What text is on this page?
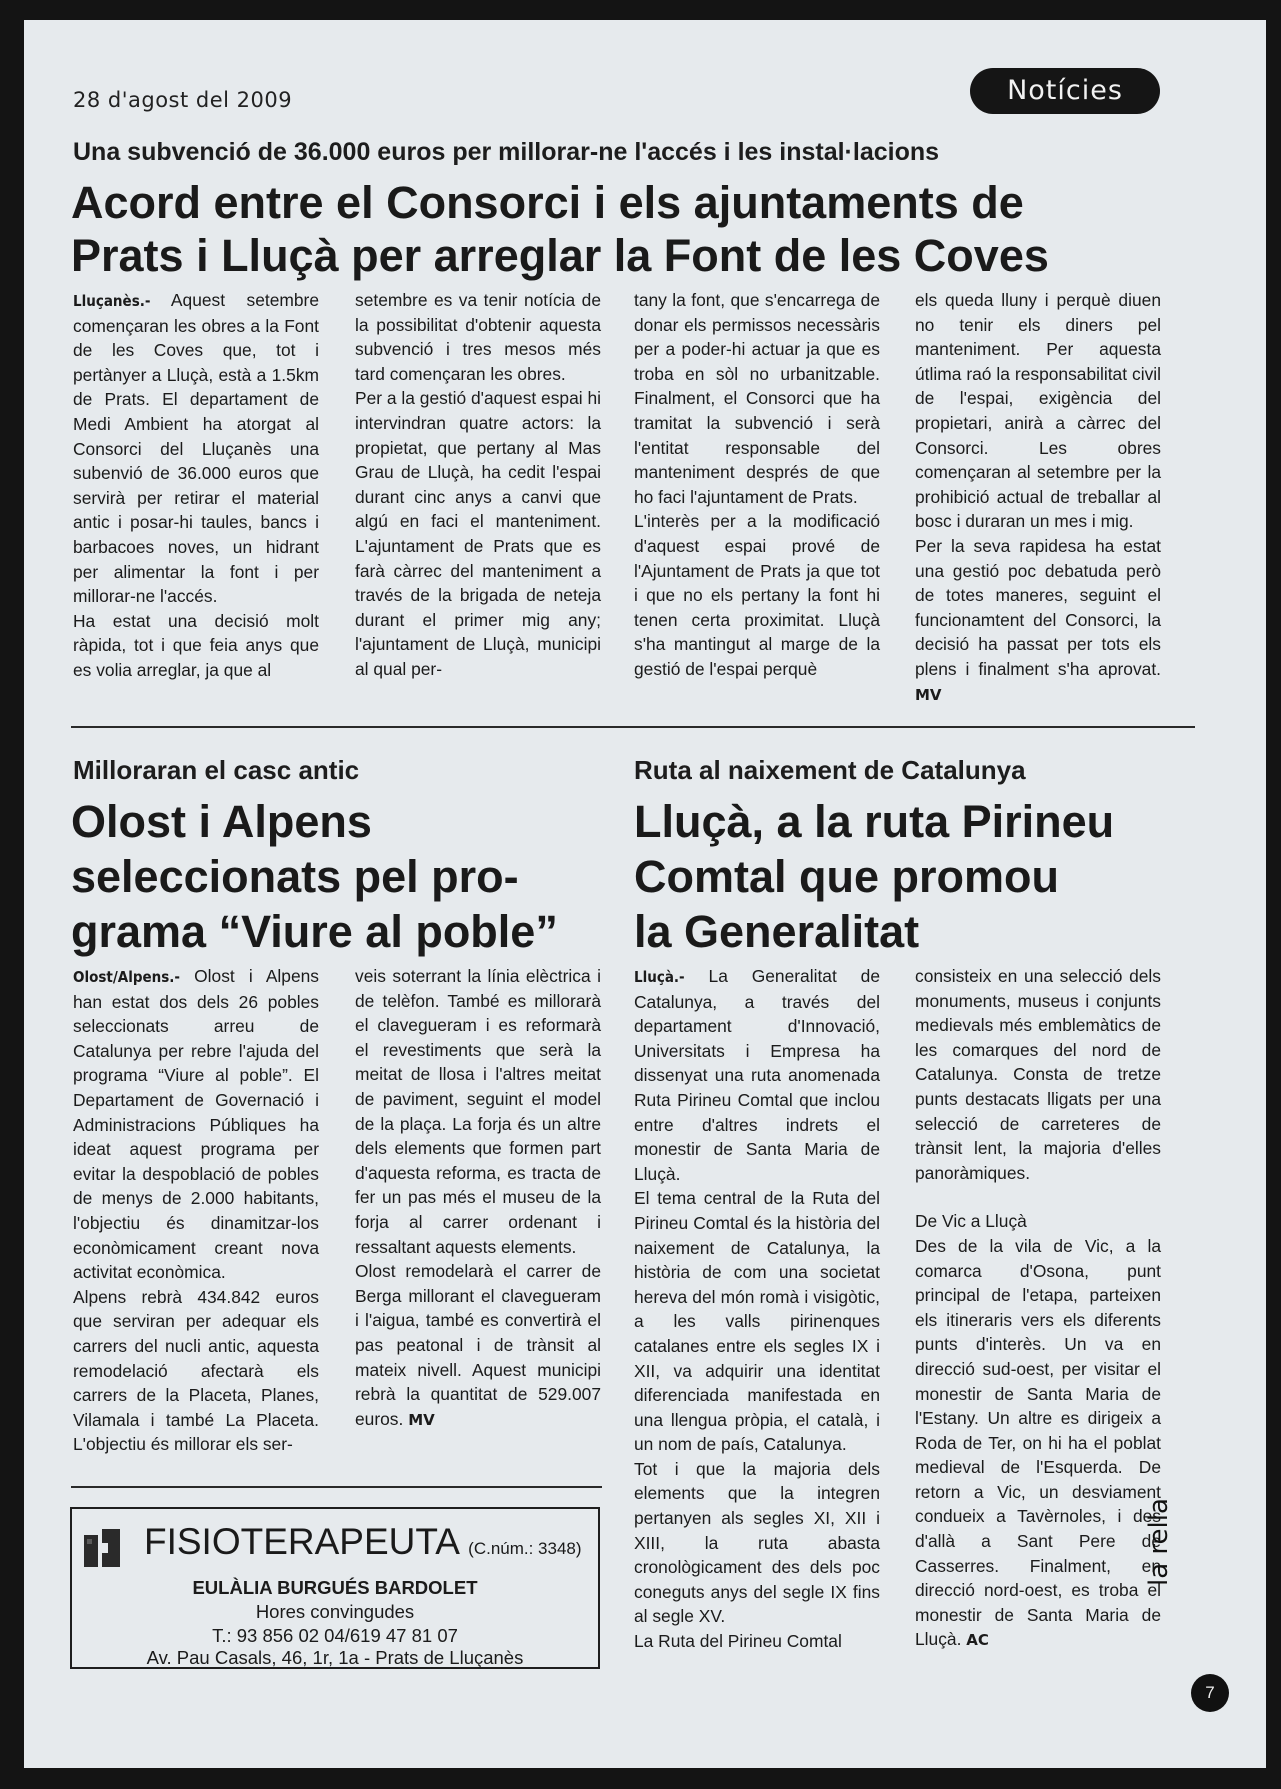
28 d'agost del 2009	Notícies
Una subvenció de 36.000 euros per millorar-ne l'accés i les instal·lacions
Acord entre el Consorci i els ajuntaments de
Prats i Lluçà per arreglar la Font de les Coves

Lluçanès.- Aquest setembre començaran les obres a la Font de les Coves que, tot i pertànyer a Lluçà, està a 1.5km de Prats. El departament de Medi Ambient ha atorgat al Consorci del Lluçanès una subenvió de 36.000 euros que servirà per retirar el material antic i posar-hi taules, bancs i barbacoes noves, un hidrant per alimentar la font i per millorar-ne l'accés.

Ha estat una decisió molt ràpida, tot i que feia anys que es volia arreglar, ja que al

setembre es va tenir notícia de la possibilitat d'obtenir aquesta subvenció i tres mesos més tard començaran les obres.

Per a la gestió d'aquest espai hi intervindran quatre actors: la propietat, que pertany al Mas Grau de Lluçà, ha cedit l'espai durant cinc anys a canvi que algú en faci el manteniment. L'ajuntament de Prats que es farà càrrec del manteniment a través de la brigada de neteja durant el primer mig any; l'ajuntament de Lluçà, municipi al qual per-

tany la font, que s'encarrega de donar els permissos necessàris per a poder-hi actuar ja que es troba en sòl no urbanitzable. Finalment, el Consorci que ha tramitat la subvenció i serà l'entitat responsable del manteniment després de que ho faci l'ajuntament de Prats.

L'interès per a la modificació d'aquest espai prové de l'Ajuntament de Prats ja que tot i que no els pertany la font hi tenen certa proximitat. Lluçà s'ha mantingut al marge de la gestió de l'espai perquè

els queda lluny i perquè diuen no tenir els diners pel manteniment. Per aquesta útlima raó la responsabilitat civil de l'espai, exigència del propietari, anirà a càrrec del Consorci. Les obres començaran al setembre per la prohibició actual de treballar al bosc i duraran un mes i mig.

Per la seva rapidesa ha estat una gestió poc debatuda però de totes maneres, seguint el funcionamtent del Consorci, la decisió ha passat per tots els plens i finalment s'ha aprovat. MV

Milloraran el casc antic
Olost i Alpens
seleccionats pel pro-
grama “Viure al poble”

Olost/Alpens.- Olost i Alpens han estat dos dels 26 pobles seleccionats arreu de Catalunya per rebre l'ajuda del programa “Viure al poble”. El Departament de Governació i Administracions Públiques ha ideat aquest programa per evitar la despoblació de pobles de menys de 2.000 habitants, l'objectiu és dinamitzar-los econòmicament creant nova activitat econòmica.

Alpens rebrà 434.842 euros que serviran per adequar els carrers del nucli antic, aquesta remodelació afectarà els carrers de la Placeta, Planes, Vilamala i també La Placeta. L'objectiu és millorar els ser-

veis soterrant la línia elèctrica i de telèfon. També es millorarà el clavegueram i es reformarà el revestiments que serà la meitat de llosa i l'altres meitat de paviment, seguint el model de la plaça. La forja és un altre dels elements que formen part d'aquesta reforma, es tracta de fer un pas més el museu de la forja al carrer ordenant i ressaltant aquests elements.

Olost remodelarà el carrer de Berga millorant el clavegueram i l'aigua, també es convertirà el pas peatonal i de trànsit al mateix nivell. Aquest municipi rebrà la quantitat de 529.007 euros. MV

FISIOTERAPEUTA (C.núm.: 3348)
EULÀLIA BURGUÉS BARDOLET
Hores convingudes
T.: 93 856 02 04/619 47 81 07
Av. Pau Casals, 46, 1r, 1a - Prats de Lluçanès
Ruta al naixement de Catalunya
Lluçà, a la ruta Pirineu
Comtal que promou
la Generalitat

Lluçà.- La Generalitat de Catalunya, a través del departament d'Innovació, Universitats i Empresa ha dissenyat una ruta anomenada Ruta Pirineu Comtal que inclou entre d'altres indrets el monestir de Santa Maria de Lluçà.

El tema central de la Ruta del Pirineu Comtal és la història del naixement de Catalunya, la història de com una societat hereva del món romà i visigòtic, a les valls pirinenques catalanes entre els segles IX i XII, va adquirir una identitat diferenciada manifestada en una llengua pròpia, el català, i un nom de país, Catalunya.

Tot i que la majoria dels elements que la integren pertanyen als segles XI, XII i XIII, la ruta abasta cronològicament des dels poc coneguts anys del segle IX fins al segle XV.

La Ruta del Pirineu Comtal

consisteix en una selecció dels monuments, museus i conjunts medievals més emblemàtics de les comarques del nord de Catalunya. Consta de tretze punts destacats lligats per una selecció de carreteres de trànsit lent, la majoria d'elles panoràmiques.

De Vic a Lluçà

Des de la vila de Vic, a la comarca d'Osona, punt principal de l'etapa, parteixen els itineraris vers els diferents punts d'interès. Un va en direcció sud-oest, per visitar el monestir de Santa Maria de l'Estany. Un altre es dirigeix a Roda de Ter, on hi ha el poblat medieval de l'Esquerda. De retorn a Vic, un desviament condueix a Tavèrnoles, i des d'allà a Sant Pere de Casserres. Finalment, en direcció nord-oest, es troba el monestir de Santa Maria de Lluçà. AC

la rella
7
